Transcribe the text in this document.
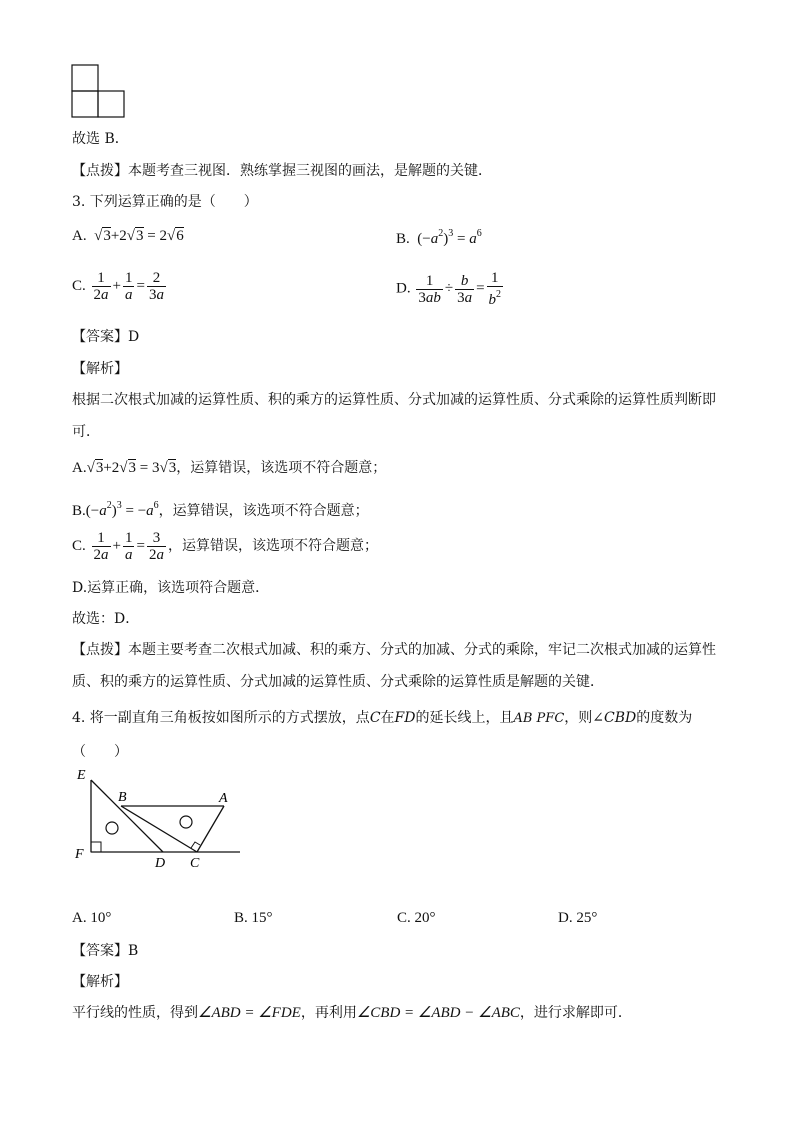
故选 B．
【点拨】本题考查三视图．熟练掌握三视图的画法，是解题的关键．
3. 下列运算正确的是（　　）
A.  √3+2√3 = 2√6	B.  $(-a^2)^3 = a^6$
C. $\frac{1}{2a} + \frac{1}{a} = \frac{2}{3a}$	D. $\frac{1}{3ab} \div \frac{b}{3a} = \frac{1}{b^2}$
【答案】D
【解析】
根据二次根式加减的运算性质、积的乘方的运算性质、分式加减的运算性质、分式乘除的运算性质判断即
可．
A.√3+2√3 = 3√3，运算错误，该选项不符合题意；
$B.(-a^2)^3 = -a^6$，运算错误，该选项不符合题意；
C. $\frac{1}{2a} + \frac{1}{a} = \frac{3}{2a}$ ，运算错误，该选项不符合题意；
D.运算正确，该选项符合题意．
故选：D．
【点拨】本题主要考查二次根式加减、积的乘方、分式的加减、分式的乘除，牢记二次根式加减的运算性
质、积的乘方的运算性质、分式加减的运算性质、分式乘除的运算性质是解题的关键．
4. 将一副直角三角板按如图所示的方式摆放，点C在FD的延长线上，且AB PFC，则∠CBD的度数为
（　　）
E
B	A
F
D C
A. 10°	B. 15°	C. 20°	D. 25°
【答案】B
【解析】
平行线的性质，得到∠ABD = ∠FDE，再利用∠CBD = ∠ABD − ∠ABC，进行求解即可．
